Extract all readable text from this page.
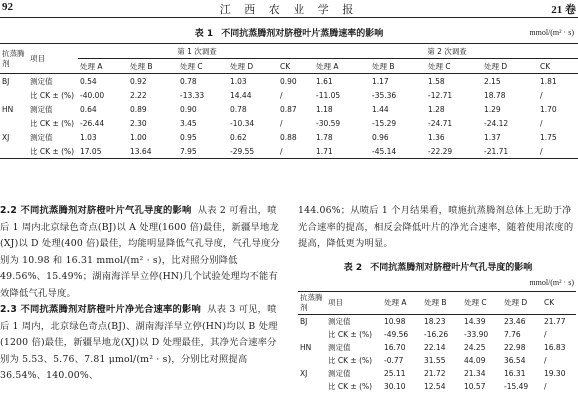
92	江 西 农 业 学 报	21 卷
表 1 不同抗蒸腾剂对脐橙叶片蒸腾速率的影响	mmol/(m² · s)
抗蒸腾剂	项目	第 1 次调查					第 2 次调查				
		处理 A	处理 B	处理 C	处理 D	CK	处理 A	处理 B	处理 C	处理 D	CK
BJ	测定值	0.54	0.92	0.78	1.03	0.90	1.61	1.17	1.58	2.15	1.81
	比 CK ± (%)	-40.00	2.22	-13.33	14.44	/	-11.05	-35.36	-12.71	18.78	/
HN	测定值	0.64	0.89	0.90	0.78	0.87	1.18	1.44	1.28	1.29	1.70
	比 CK ± (%)	-26.44	2.30	3.45	-10.34	/	-30.59	-15.29	-24.71	-24.12	/
XJ	测定值	1.03	1.00	0.95	0.62	0.88	1.78	0.96	1.36	1.37	1.75
	比 CK ± (%)	17.05	13.64	7.95	-29.55	/	1.71	-45.14	-22.29	-21.71	/

2.2 不同抗蒸腾剂对脐橙叶片气孔导度的影响 从表 2 可看出，喷后 1 周内北京绿色奇点(BJ)以 A 处理(1600 倍)最佳，新疆旱地龙(XJ)以 D 处理(400 倍)最佳，均能明显降低气孔导度，气孔导度分别为 10.98 和 16.31 mmol/(m² · s)，比对照分别降低 49.56%、15.49%；湖南海洋旱立停(HN)几个试验处理均不能有效降低气孔导度。

2.3 不同抗蒸腾剂对脐橙叶片净光合速率的影响 从表 3 可见，喷后 1 周内，北京绿色奇点(BJ)、湖南海洋旱立停(HN)均以 B 处理(1200 倍)最佳，新疆旱地龙(XJ)以 D 处理最佳，其净光合速率分别为 5.53、5.76、7.81 μmol/(m² · s)，分别比对照提高 36.54%、140.00%、

144.06%；从喷后 1 个月结果看，喷施抗蒸腾剂总体上无助于净光合速率的提高，相反会降低叶片的净光合速率，随着使用浓度的提高，降低更为明显。

表 2 不同抗蒸腾剂对脐橙叶片气孔导度的影响
mmol/(m² · s)
抗蒸腾剂	项目	处理 A	处理 B	处理 C	处理 D	CK
BJ	测定值	10.98	18.23	14.39	23.46	21.77
	比 CK ± (%)	-49.56	-16.26	-33.90	7.76	/
HN	测定值	16.70	22.14	24.25	22.98	16.83
	比 CK ± (%)	-0.77	31.55	44.09	36.54	/
XJ	测定值	25.11	21.72	21.34	16.31	19.30
	比 CK ± (%)	30.10	12.54	10.57	-15.49	/
